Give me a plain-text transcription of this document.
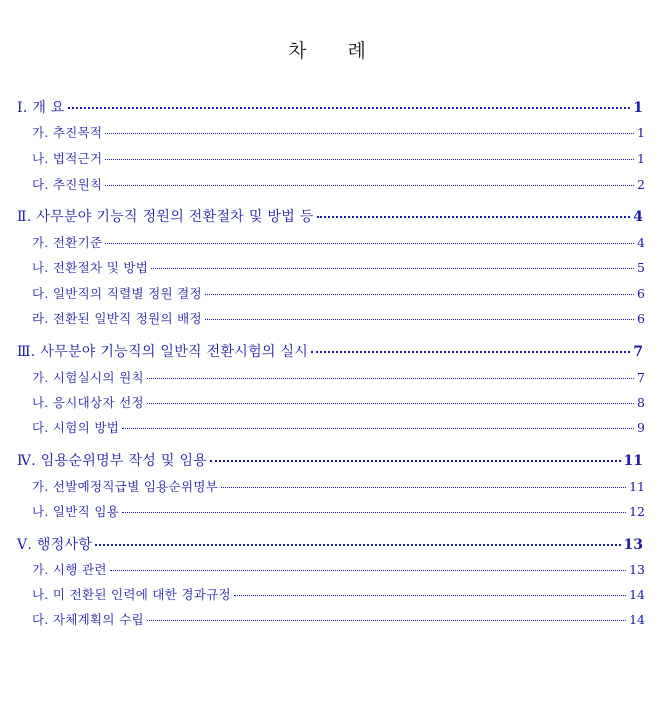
차 례
Ⅰ. 개 요	1
가. 추진목적	1
나. 법적근거	1
다. 추진원칙	2
Ⅱ. 사무분야 기능직 정원의 전환절차 및 방법 등	4
가. 전환기준	4
나. 전환절차 및 방법	5
다. 일반직의 직렬별 정원 결정	6
라. 전환된 일반직 정원의 배정	6
Ⅲ. 사무분야 기능직의 일반직 전환시험의 실시	7
가. 시험실시의 원칙	7
나. 응시대상자 선정	8
다. 시험의 방법	9
Ⅳ. 임용순위명부 작성 및 임용	11
가. 선발예정직급별 임용순위명부	11
나. 일반직 임용	12
Ⅴ. 행정사항	13
가. 시행 관련	13
나. 미 전환된 인력에 대한 경과규정	14
다. 자체계획의 수립	14
